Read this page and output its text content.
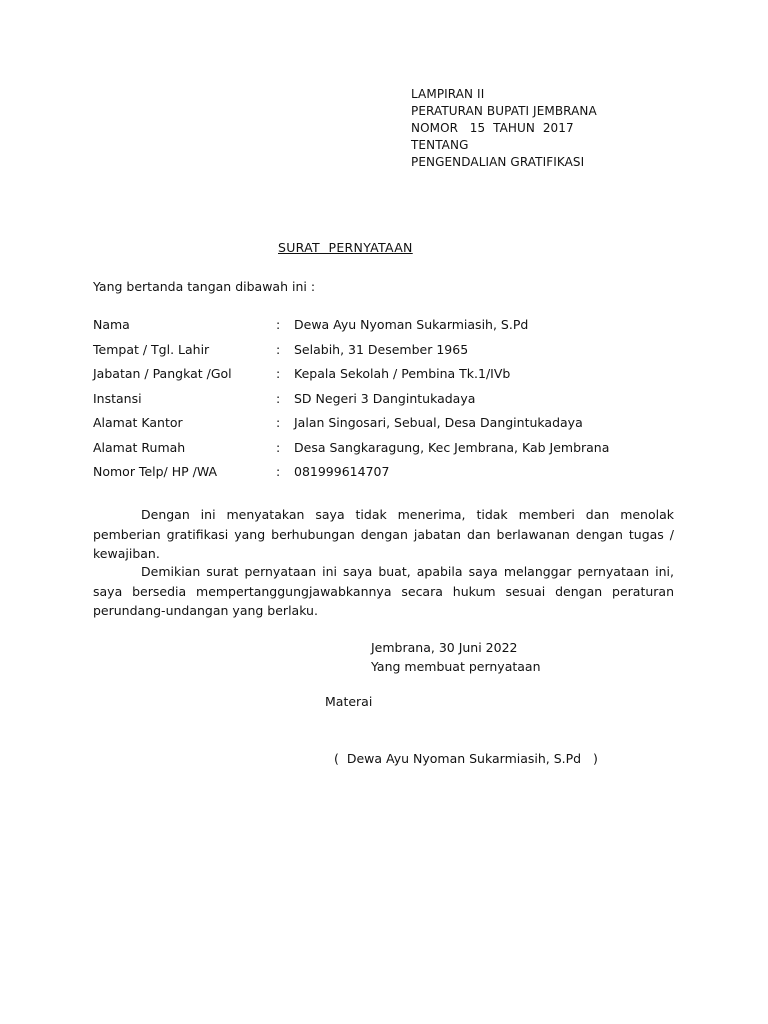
LAMPIRAN II
PERATURAN BUPATI JEMBRANA
NOMOR   15  TAHUN  2017
TENTANG
PENGENDALIAN GRATIFIKASI
SURAT  PERNYATAAN
Yang bertanda tangan dibawah ini :
Nama	: Dewa Ayu Nyoman Sukarmiasih, S.Pd
Tempat / Tgl. Lahir	: Selabih, 31 Desember 1965
Jabatan / Pangkat /Gol	: Kepala Sekolah / Pembina Tk.1/IVb
Instansi	: SD Negeri 3 Dangintukadaya
Alamat Kantor	: Jalan Singosari, Sebual, Desa Dangintukadaya
Alamat Rumah	: Desa Sangkaragung, Kec Jembrana, Kab Jembrana
Nomor Telp/ HP /WA	: 081999614707
Dengan ini menyatakan saya tidak menerima, tidak memberi dan menolak pemberian gratifikasi yang berhubungan dengan jabatan dan berlawanan dengan tugas / kewajiban.
Demikian surat pernyataan ini saya buat, apabila saya melanggar pernyataan ini, saya bersedia mempertanggungjawabkannya secara hukum sesuai dengan peraturan perundang-undangan yang berlaku.
Jembrana, 30 Juni 2022
Yang membuat pernyataan
Materai
(  Dewa Ayu Nyoman Sukarmiasih, S.Pd   )
